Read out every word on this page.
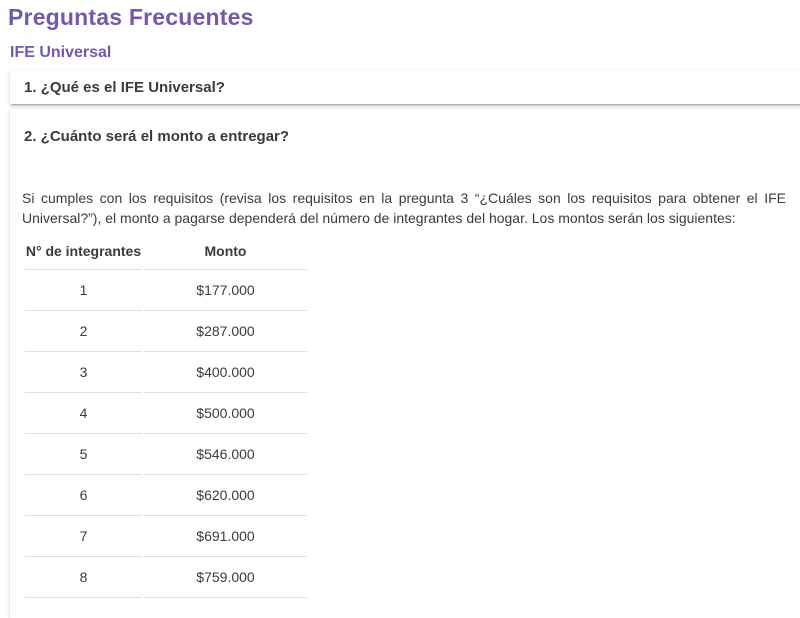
Preguntas Frecuentes
IFE Universal
1. ¿Qué es el IFE Universal?
2. ¿Cuánto será el monto a entregar?

Si cumples con los requisitos (revisa los requisitos en la pregunta 3 “¿Cuáles son los requisitos para obtener el IFE Universal?”), el monto a pagarse dependerá del número de integrantes del hogar. Los montos serán los siguientes:

N° de integrantes	Monto
1	$177.000
2	$287.000
3	$400.000
4	$500.000
5	$546.000
6	$620.000
7	$691.000
8	$759.000
